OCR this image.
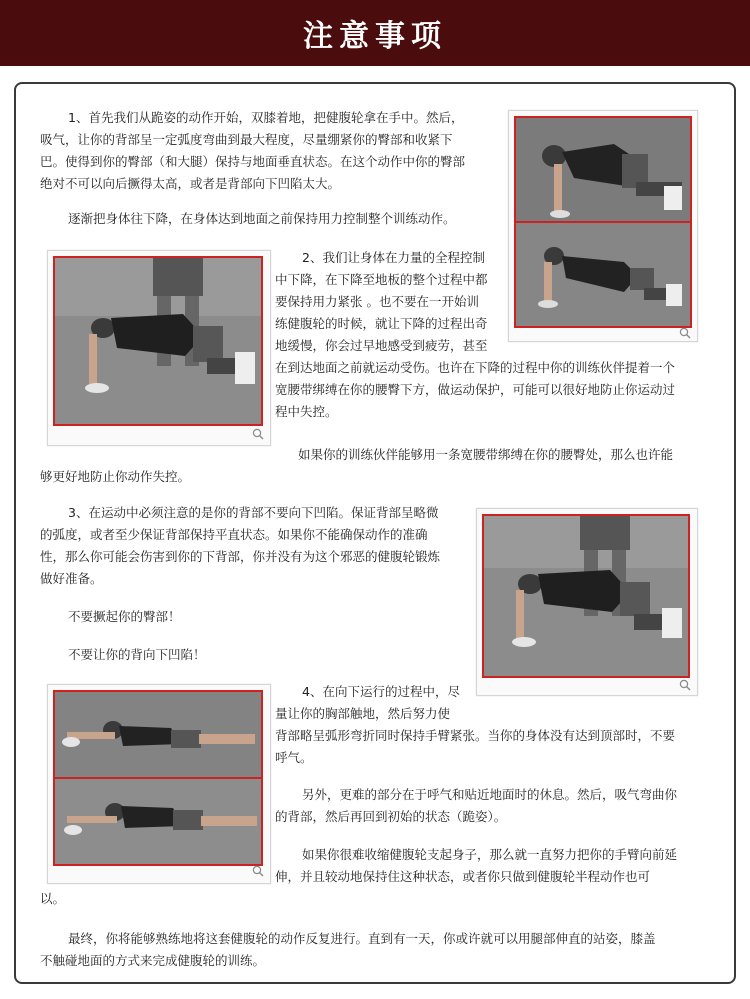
注意事项

1、首先我们从跪姿的动作开始，双膝着地，把健腹轮拿在手中。然后，

吸气，让你的背部呈一定弧度弯曲到最大程度，尽量绷紧你的臀部和收紧下

巴。使得到你的臀部（和大腿）保持与地面垂直状态。在这个动作中你的臀部

绝对不可以向后撅得太高，或者是背部向下凹陷太大。

逐渐把身体往下降，在身体达到地面之前保持用力控制整个训练动作。

2、我们让身体在力量的全程控制

中下降，在下降至地板的整个过程中都

要保持用力紧张 。也不要在一开始训

练健腹轮的时候，就让下降的过程出奇

地缓慢，你会过早地感受到疲劳，甚至

在到达地面之前就运动受伤。也许在下降的过程中你的训练伙伴提着一个

宽腰带绑缚在你的腰臀下方，做运动保护，可能可以很好地防止你运动过

程中失控。

如果你的训练伙伴能够用一条宽腰带绑缚在你的腰臀处，那么也许能

够更好地防止你动作失控。

3、在运动中必须注意的是你的背部不要向下凹陷。保证背部呈略微

的弧度，或者至少保证背部保持平直状态。如果你不能确保动作的准确

性，那么你可能会伤害到你的下背部，你并没有为这个邪恶的健腹轮锻炼

做好准备。

不要撅起你的臀部！

不要让你的背向下凹陷！

4、在向下运行的过程中，尽

量让你的胸部触地，然后努力使

背部略呈弧形弯折同时保持手臂紧张。当你的身体没有达到顶部时，不要

呼气。

另外，更难的部分在于呼气和贴近地面时的休息。然后，吸气弯曲你

的背部，然后再回到初始的状态（跪姿）。

如果你很难收缩健腹轮支起身子，那么就一直努力把你的手臂向前延

伸，并且较动地保持住这种状态，或者你只做到健腹轮半程动作也可

以。

最终，你将能够熟练地将这套健腹轮的动作反复进行。直到有一天，你或许就可以用腿部伸直的站姿，膝盖

不触碰地面的方式来完成健腹轮的训练。
